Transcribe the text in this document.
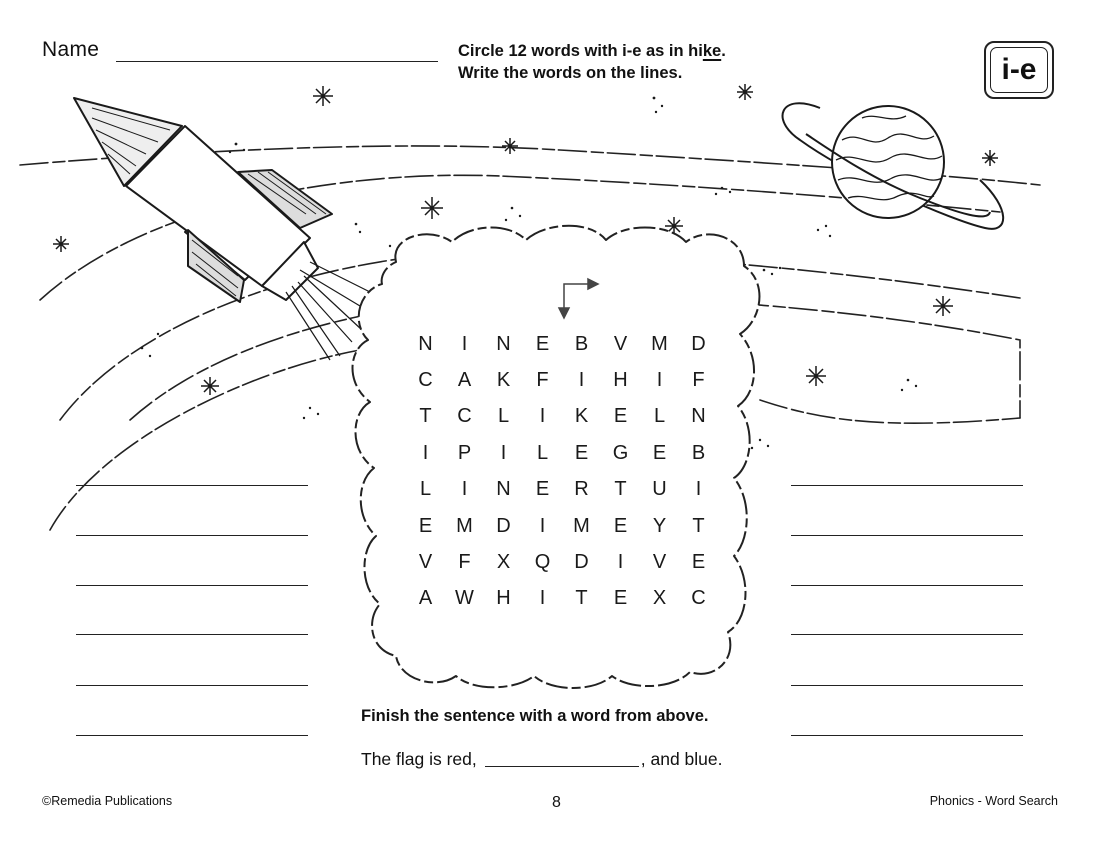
Name	Circle 12 words with i-e as in hike.
Write the words on the lines.	i-e
N	I	N	E	B	V	M	D
C	A	K	F	I	H	I	F
T	C	L	I	K	E	L	N
I	P	I	L	E	G	E	B
L	I	N	E	R	T	U	I
E	M	D	I	M	E	Y	T
V	F	X	Q	D	I	V	E
A	W	H	I	T	E	X	C
Finish the sentence with a word from above.
The flag is red,	, and blue.
©Remedia Publications	8	Phonics - Word Search
